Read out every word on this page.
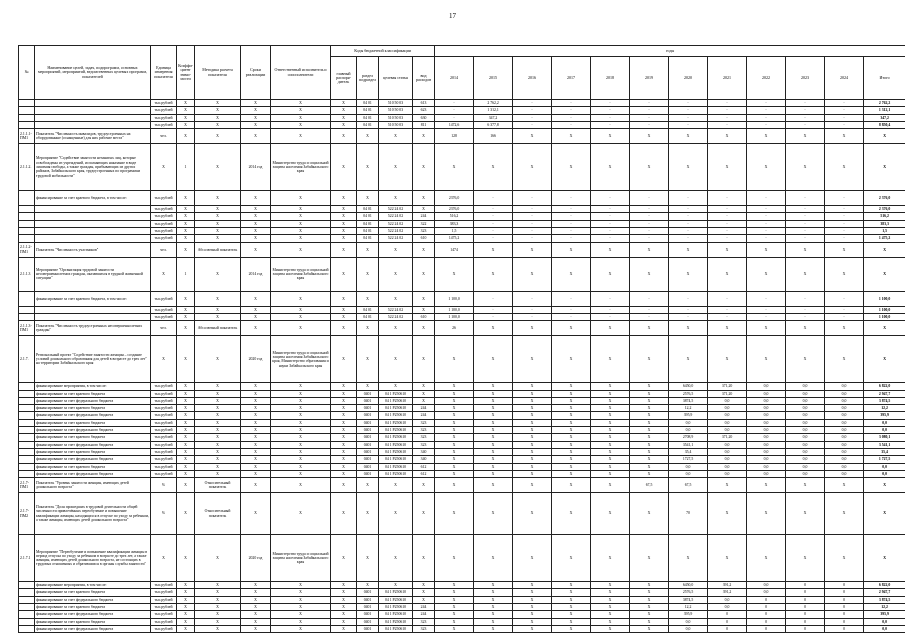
17
№	Наименование целей, задач, подпрограмм, основных мероприятий, мероприятий, ведомственных целевых программ, показателей	Единица измерения показателя	Коэффи-циент значи-мости	Методика расчета показателя	Сроки реализации	Ответственный исполнитель и соисполнители	Коды бюджетной классификации				годы											
							главный распоря-дитель	раздел подраздел	целевая статья	вид расходов	2014	2015	2016	2017	2018	2019	2020	2021	2022	2023	2024	Итого
		тыс.рублей	X	X	X	X	X	04 01	510 50 03	613	-	2 762,2	-	-	-	-	-	-	-	-	-	2 762,2
		тыс.рублей	X	X	X	X	X	04 01	510 50 03	623	-	1 312,1	-	-	-	-	-	-	-	-	-	1 312,1
		тыс.рублей	X	X	X	X	X	04 01	510 50 03	630	-	347,2	-	-	-	-	-	-	-	-	-	347,2
		тыс.рублей	X	X	X	X	X	04 01	510 50 03	811	1472,6	6 377,8	-	-	-	-	-	-	-	-	-	8 850,4
2.1.1.1-ПМ1	Показатель "Численность инвалидов, трудоустроенных на оборудованные (оснащенные) для них рабочие места"	чел.	X	X	X	X	X	X	X	X	128	166	X	X	X	X	X	X	X	X	X	X
2.1.1.2.	Мероприятие "Содействие занятости незанятых лиц, которые освобождены из учреждений, исполняющих наказание в виде лишения свободы, а также граждан, прибывающих из других районов, Забайкальского края, трудоустроенных по программам трудовой мобильности"	X	1	X	2014 год	Министерство труда и социальной защиты населения Забайкальского края	X	X	X	X	X	X	X	X	X	X	X	X	X	X	X	X
	финансирование за счет краевого бюджета, в том числе:	тыс.рублей	X	X	X	X	X	X	X	X	2376,0	-	-	-	-	-	-	-	-	-	-	2 376,0
		тыс.рублей	X	X	X	X	X	04 01	522 24 02	X	2376,0	-	-	-	-	-	-	-	-	-	-	2 376,0
		тыс.рублей	X	X	X	X	X	04 01	522 24 02	244	516,2	-	-	-	-	-	-	-	-	-	-	516,2
		тыс.рублей	X	X	X	X	X	04 01	522 24 02	322	383,3	-	-	-	-	-	-	-	-	-	-	383,3
		тыс.рублей	X	X	X	X	X	04 01	522 24 02	323	1,5	-	-	-	-	-	-	-	-	-	-	1,5
		тыс.рублей	X	X	X	X	X	04 01	522 24 02	610	1475,2	-	-	-	-	-	-	-	-	-	-	1 475,2
2.1.1.2-ПМ1	Показатель "Численность участников"	чел.	X	Абсолютный показатель	X	X	X	X	X	X	1474	X	X	X	X	X	X	X	X	X	X	X
2.1.1.3	Мероприятие "Организация трудовой занятости несовершеннолетних граждан, оказавшихся в трудной жизненной ситуации"	X	1	X	2014 год	Министерство труда и социальной защиты населения Забайкальского края	X	X	X	X	X	X	X	X	X	X	X	X	X	X	X	X
	финансирование за счет краевого бюджета, в том числе:	тыс.рублей	X	X	X	X	X	X	X	X	1 100,0	-	-	-	-	-	-	-	-	-	-	1 100,0
		тыс.рублей	X	X	X	X	X	04 01	522 24 02	X	1 100,0	-	-	-	-	-	-	-	-	-	-	1 100,0
		тыс.рублей	X	X	X	X	X	04 01	522 24 02	610	1 100,0	-	-	-	-	-	-	-	-	-	-	1 100,0
2.1.1.3-ПМ1	Показатель "Численность трудоустроенных несовершеннолетних граждан"	чел.	X	Абсолютный показатель	X	X	X	X	X	X	26	X	X	X	X	X	X	X	X	X	X	X
2.1.7.	Региональный проект "Содействие занятости женщин – создание условий дошкольного образования для детей в возрасте до трех лет" на территории Забайкальского края	X	X	X	2020 год	Министерство труда и социальной защиты населения Забайкальского края, Министерство образования и науки Забайкальского края	X	X	X	X	X	X	X	X	X	X	X	X	X	X	X	X
	финансирование мероприятия, в том числе:	тыс.рублей	X	X	X	X	X	X	X	X	X	X	X	X	X	X	6450,0	371,20	0,0	0,0	0,0	6 822,0
	финансирование за счет краевого бюджета	тыс.рублей	X	X	X	X	X	0401	04 1 P250610	X	X	X	X	X	X	X	2576,5	371,20	0,0	0,0	0,0	2 947,7
	финансирование за счет федерального бюджета	тыс.рублей	X	X	X	X	X	0401	04 1 P250610	X	X	X	X	X	X	X	3874,5	0,0	0,0	0,0	0,0	3 874,5
	финансирование за счет краевого бюджета	тыс.рублей	X	X	X	X	X	0401	04 1 P250610	244	X	X	X	X	X	X	12,2	0,0	0,0	0,0	0,0	12,2
	финансирование за счет федерального бюджета	тыс.рублей	X	X	X	X	X	0401	04 1 P250610	244	X	X	X	X	X	X	395,9	0,0	0,0	0,0	0,0	395,9
	финансирование за счет краевого бюджета	тыс.рублей	X	X	X	X	X	0401	04 1 P250610	323	X	X	X	X	X	X	0,0	0,0	0,0	0,0	0,0	0,0
	финансирование за счет федерального бюджета	тыс.рублей	X	X	X	X	X	0401	04 1 P250610	323	X	X	X	X	X	X	0,0	0,0	0,0	0,0	0,0	0,0
	финансирование за счет краевого бюджета	тыс.рублей	X	X	X	X	X	0401	04 1 P250610	323	X	X	X	X	X	X	2708,9	371,20	0,0	0,0	0,0	3 080,1
	финансирование за счет федерального бюджета	тыс.рублей	X	X	X	X	X	0401	04 1 P250610	323	X	X	X	X	X	X	3541,1	0,0	0,0	0,0	0,0	3 541,1
	финансирование за счет краевого бюджета	тыс.рублей	X	X	X	X	X	0401	04 1 P250610	340	X	X	X	X	X	X	35,4	0,0	0,0	0,0	0,0	35,4
	финансирование за счет федерального бюджета	тыс.рублей	X	X	X	X	X	0401	04 1 P250610	340	X	X	X	X	X	X	1727,5	0,0	0,0	0,0	0,0	1 727,5
	финансирование за счет краевого бюджета	тыс.рублей	X	X	X	X	X	0401	04 1 P250610	612	X	X	X	X	X	X	0,0	0,0	0,0	0,0	0,0	0,0
	финансирование за счет федерального бюджета	тыс.рублей	X	X	X	X	X	0401	04 1 P250610	612	X	X	X	X	X	X	0,0	0,0	0,0	0,0	0,0	0,0
2.1.7-ПМ1	Показатель "Уровень занятости женщин, имеющих детей дошкольного возраста"	%	X	Относительный показатель	X	X	X	X	X	X	X	X	X	X	X	67,5	67,5	X	X	X	X	X
2.1.7-ПМ2	Показатель "Доля прошедших в трудовой деятельности общей численности привлечённых переобучение и повышение квалификации женщин, находящихся в отпуске по уходу за ребенком, а также женщин, имеющих детей дошкольного возраста"	%	X	Относительный показатель	X	X	X	X	X	X	X	X	X	X	X	X	70	X	X	X	X	X
2.1.7.1	Мероприятие "Переобучение и повышение квалификации женщин в период отпуска по уходу за ребенком в возрасте до трех лет, а также женщин, имеющих детей дошкольного возраста, не состоящих в трудовых отношениях и обратившихся в органы службы занятости"	X	X	X	2020 год	Министерство труда и социальной защиты населения Забайкальского края	X	X	X	X	X	X	X	X	X	X	X	X	X	X	X	X
	финансирование мероприятия, в том числе:	тыс.рублей	X	X	X	X	X	X	X	X	X	X	X	X	X	X	6450,0	391,2	0,0	0	0	6 822,0
	финансирование за счет краевого бюджета	тыс.рублей	X	X	X	X	X	0401	04 1 P250610	X	X	X	X	X	X	X	2576,5	391,2	0,0	0	0	2 947,7
	финансирование за счет федерального бюджета	тыс.рублей	X	X	X	X	X	0401	04 1 P250610	X	X	X	X	X	X	X	3874,5	0,0	0	0	0	3 874,5
	финансирование за счет краевого бюджета	тыс.рублей	X	X	X	X	X	0401	04 1 P250610	244	X	X	X	X	X	X	12,2	0,0	0	0	0	12,2
	финансирование за счет федерального бюджета	тыс.рублей	X	X	X	X	X	0401	04 1 P250610	244	X	X	X	X	X	X	395,9	0	0	0	0	395,9
	финансирование за счет краевого бюджета	тыс.рублей	X	X	X	X	X	0401	04 1 P250610	323	X	X	X	X	X	X	0,0	0	0	0	0	0,0
	финансирование за счет федерального бюджета	тыс.рублей	X	X	X	X	X	0401	04 1 P250610	323	X	X	X	X	X	X	0,0	0	0	0	0	0,0
